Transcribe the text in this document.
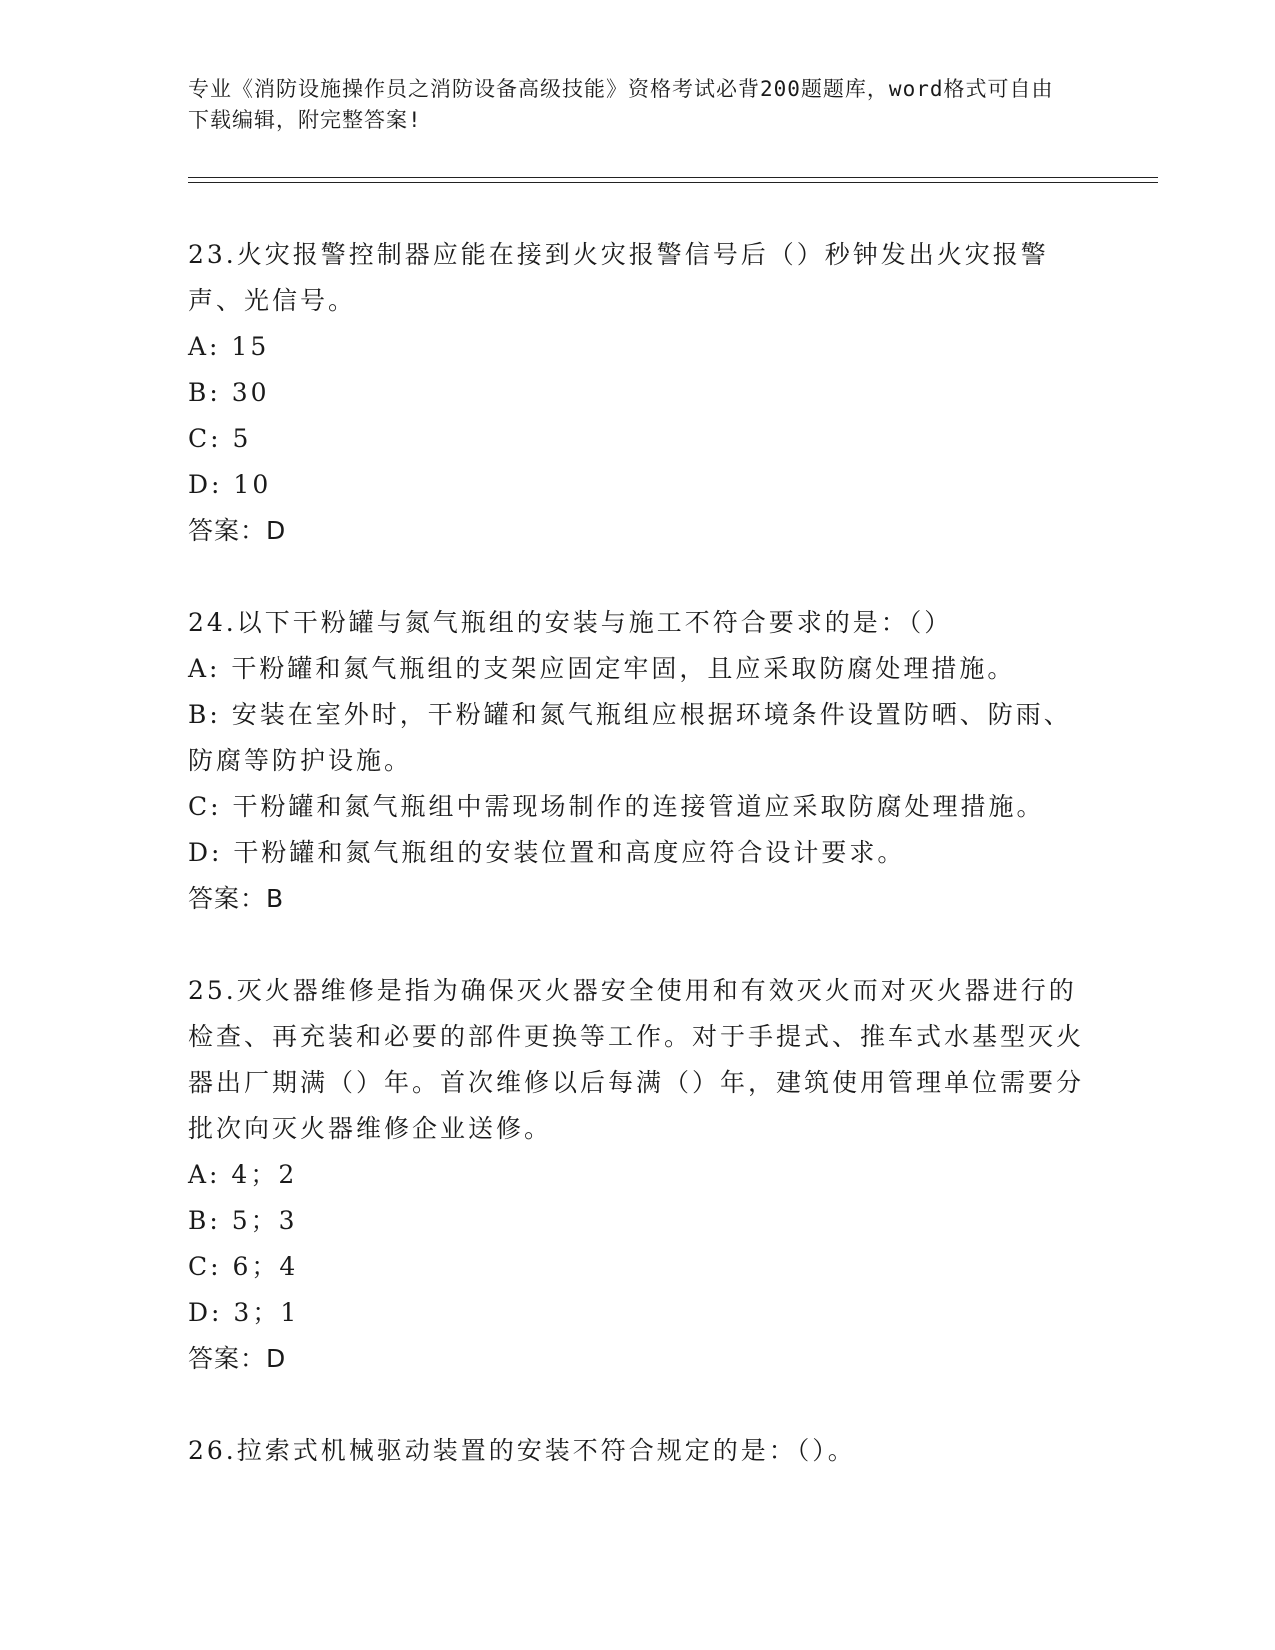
专业《消防设施操作员之消防设备高级技能》资格考试必背200题题库，word格式可自由下载编辑，附完整答案!

23.火灾报警控制器应能在接到火灾报警信号后（）秒钟发出火灾报警声、光信号。

A: 15

B: 30

C: 5

D: 10

答案：D

24.以下干粉罐与氮气瓶组的安装与施工不符合要求的是：（）

A: 干粉罐和氮气瓶组的支架应固定牢固，且应采取防腐处理措施。

B: 安装在室外时，干粉罐和氮气瓶组应根据环境条件设置防晒、防雨、防腐等防护设施。

C: 干粉罐和氮气瓶组中需现场制作的连接管道应采取防腐处理措施。

D: 干粉罐和氮气瓶组的安装位置和高度应符合设计要求。

答案：B

25.灭火器维修是指为确保灭火器安全使用和有效灭火而对灭火器进行的检查、再充装和必要的部件更换等工作。对于手提式、推车式水基型灭火器出厂期满（）年。首次维修以后每满（）年，建筑使用管理单位需要分批次向灭火器维修企业送修。

A: 4；2

B: 5；3

C: 6；4

D: 3；1

答案：D

26.拉索式机械驱动装置的安装不符合规定的是：（）。
